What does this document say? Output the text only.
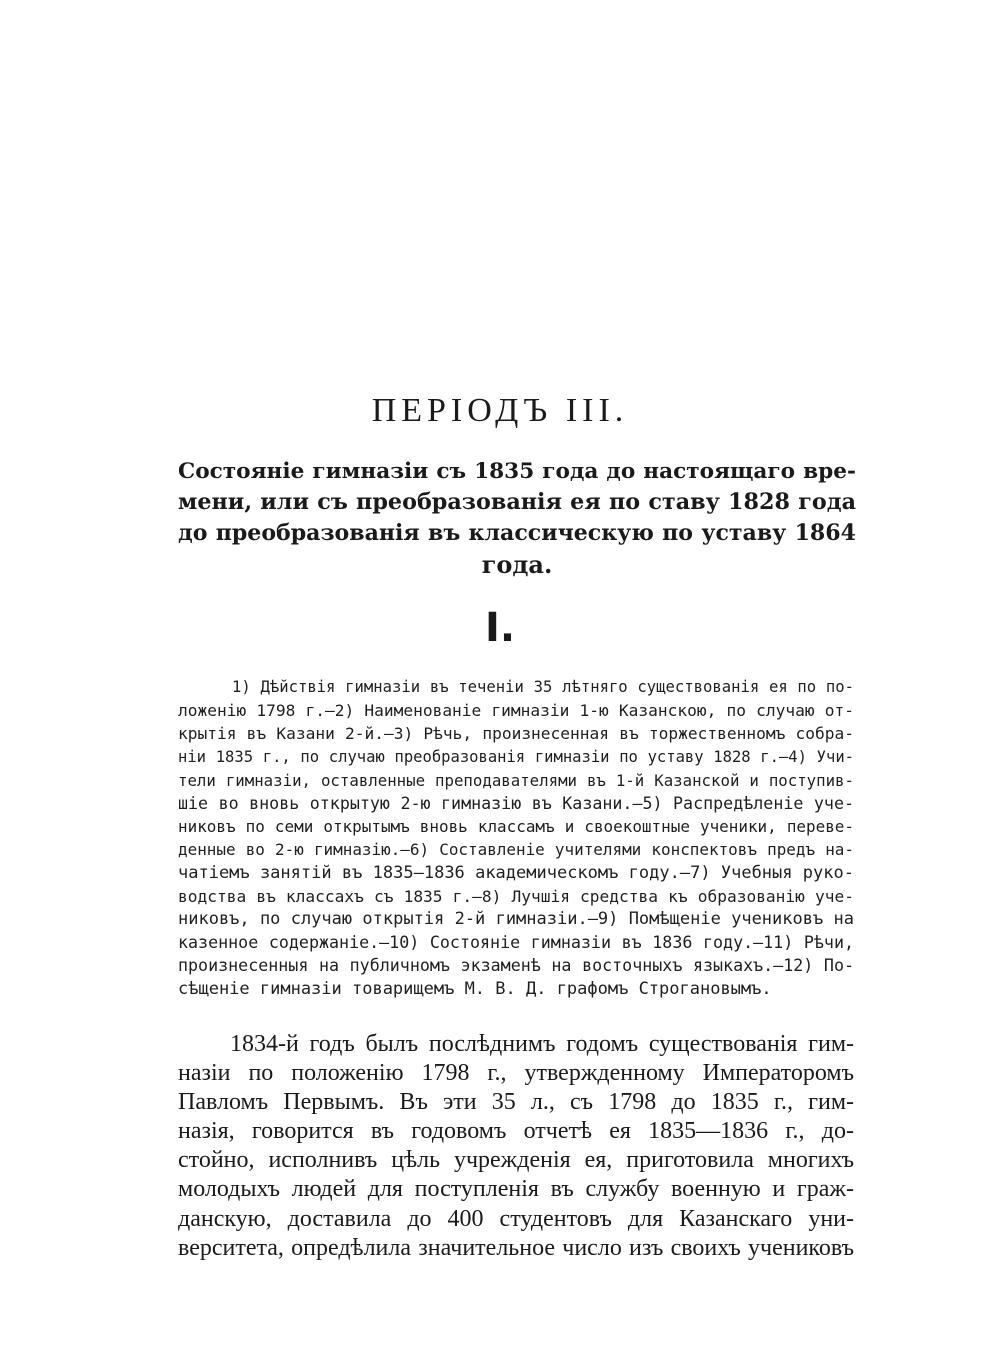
ПЕРІОДЪ III.
Состояніе гимназіи съ 1835 года до настоящаго вре-
мени, или съ преобразованія ея по ставу 1828 года
до преобразованія въ классическую по уставу 1864
года.
I.
1) Дѣйствія гимназіи въ теченіи 35 лѣтняго существованія ея по по-
ложенію 1798 г.—2) Наименованіе гимназіи 1-ю Казанскою, по случаю от-
крытія въ Казани 2-й.—3) Рѣчь, произнесенная въ торжественномъ собра-
ніи 1835 г., по случаю преобразованія гимназіи по уставу 1828 г.—4) Учи-
тели гимназіи, оставленные преподавателями въ 1-й Казанской и поступив-
шіе во вновь открытую 2-ю гимназію въ Казани.—5) Распредѣленіе уче-
никовъ по семи открытымъ вновь классамъ и своекоштные ученики, переве-
денные во 2-ю гимназію.—6) Составленіе учителями конспектовъ предъ на-
чатіемъ занятій въ 1835—1836 академическомъ году.—7) Учебныя руко-
водства въ классахъ съ 1835 г.—8) Лучшія средства къ образованію уче-
никовъ, по случаю открытія 2-й гимназіи.—9) Помѣщеніе учениковъ на
казенное содержаніе.—10) Состояніе гимназіи въ 1836 году.—11) Рѣчи,
произнесенныя на публичномъ экзаменѣ на восточныхъ языкахъ.—12) По-
сѣщеніе гимназіи товарищемъ М. В. Д. графомъ Строгановымъ.
1834-й годъ былъ послѣднимъ годомъ существованія гим-
назіи по положенію 1798 г., утвержденному Императоромъ
Павломъ Первымъ. Въ эти 35 л., съ 1798 до 1835 г., гим-
назія, говорится въ годовомъ отчетѣ ея 1835—1836 г., до-
стойно, исполнивъ цѣль учрежденія ея, приготовила многихъ
молодыхъ людей для поступленія въ службу военную и граж-
данскую, доставила до 400 студентовъ для Казанскаго уни-
верситета, опредѣлила значительное число изъ своихъ учениковъ
